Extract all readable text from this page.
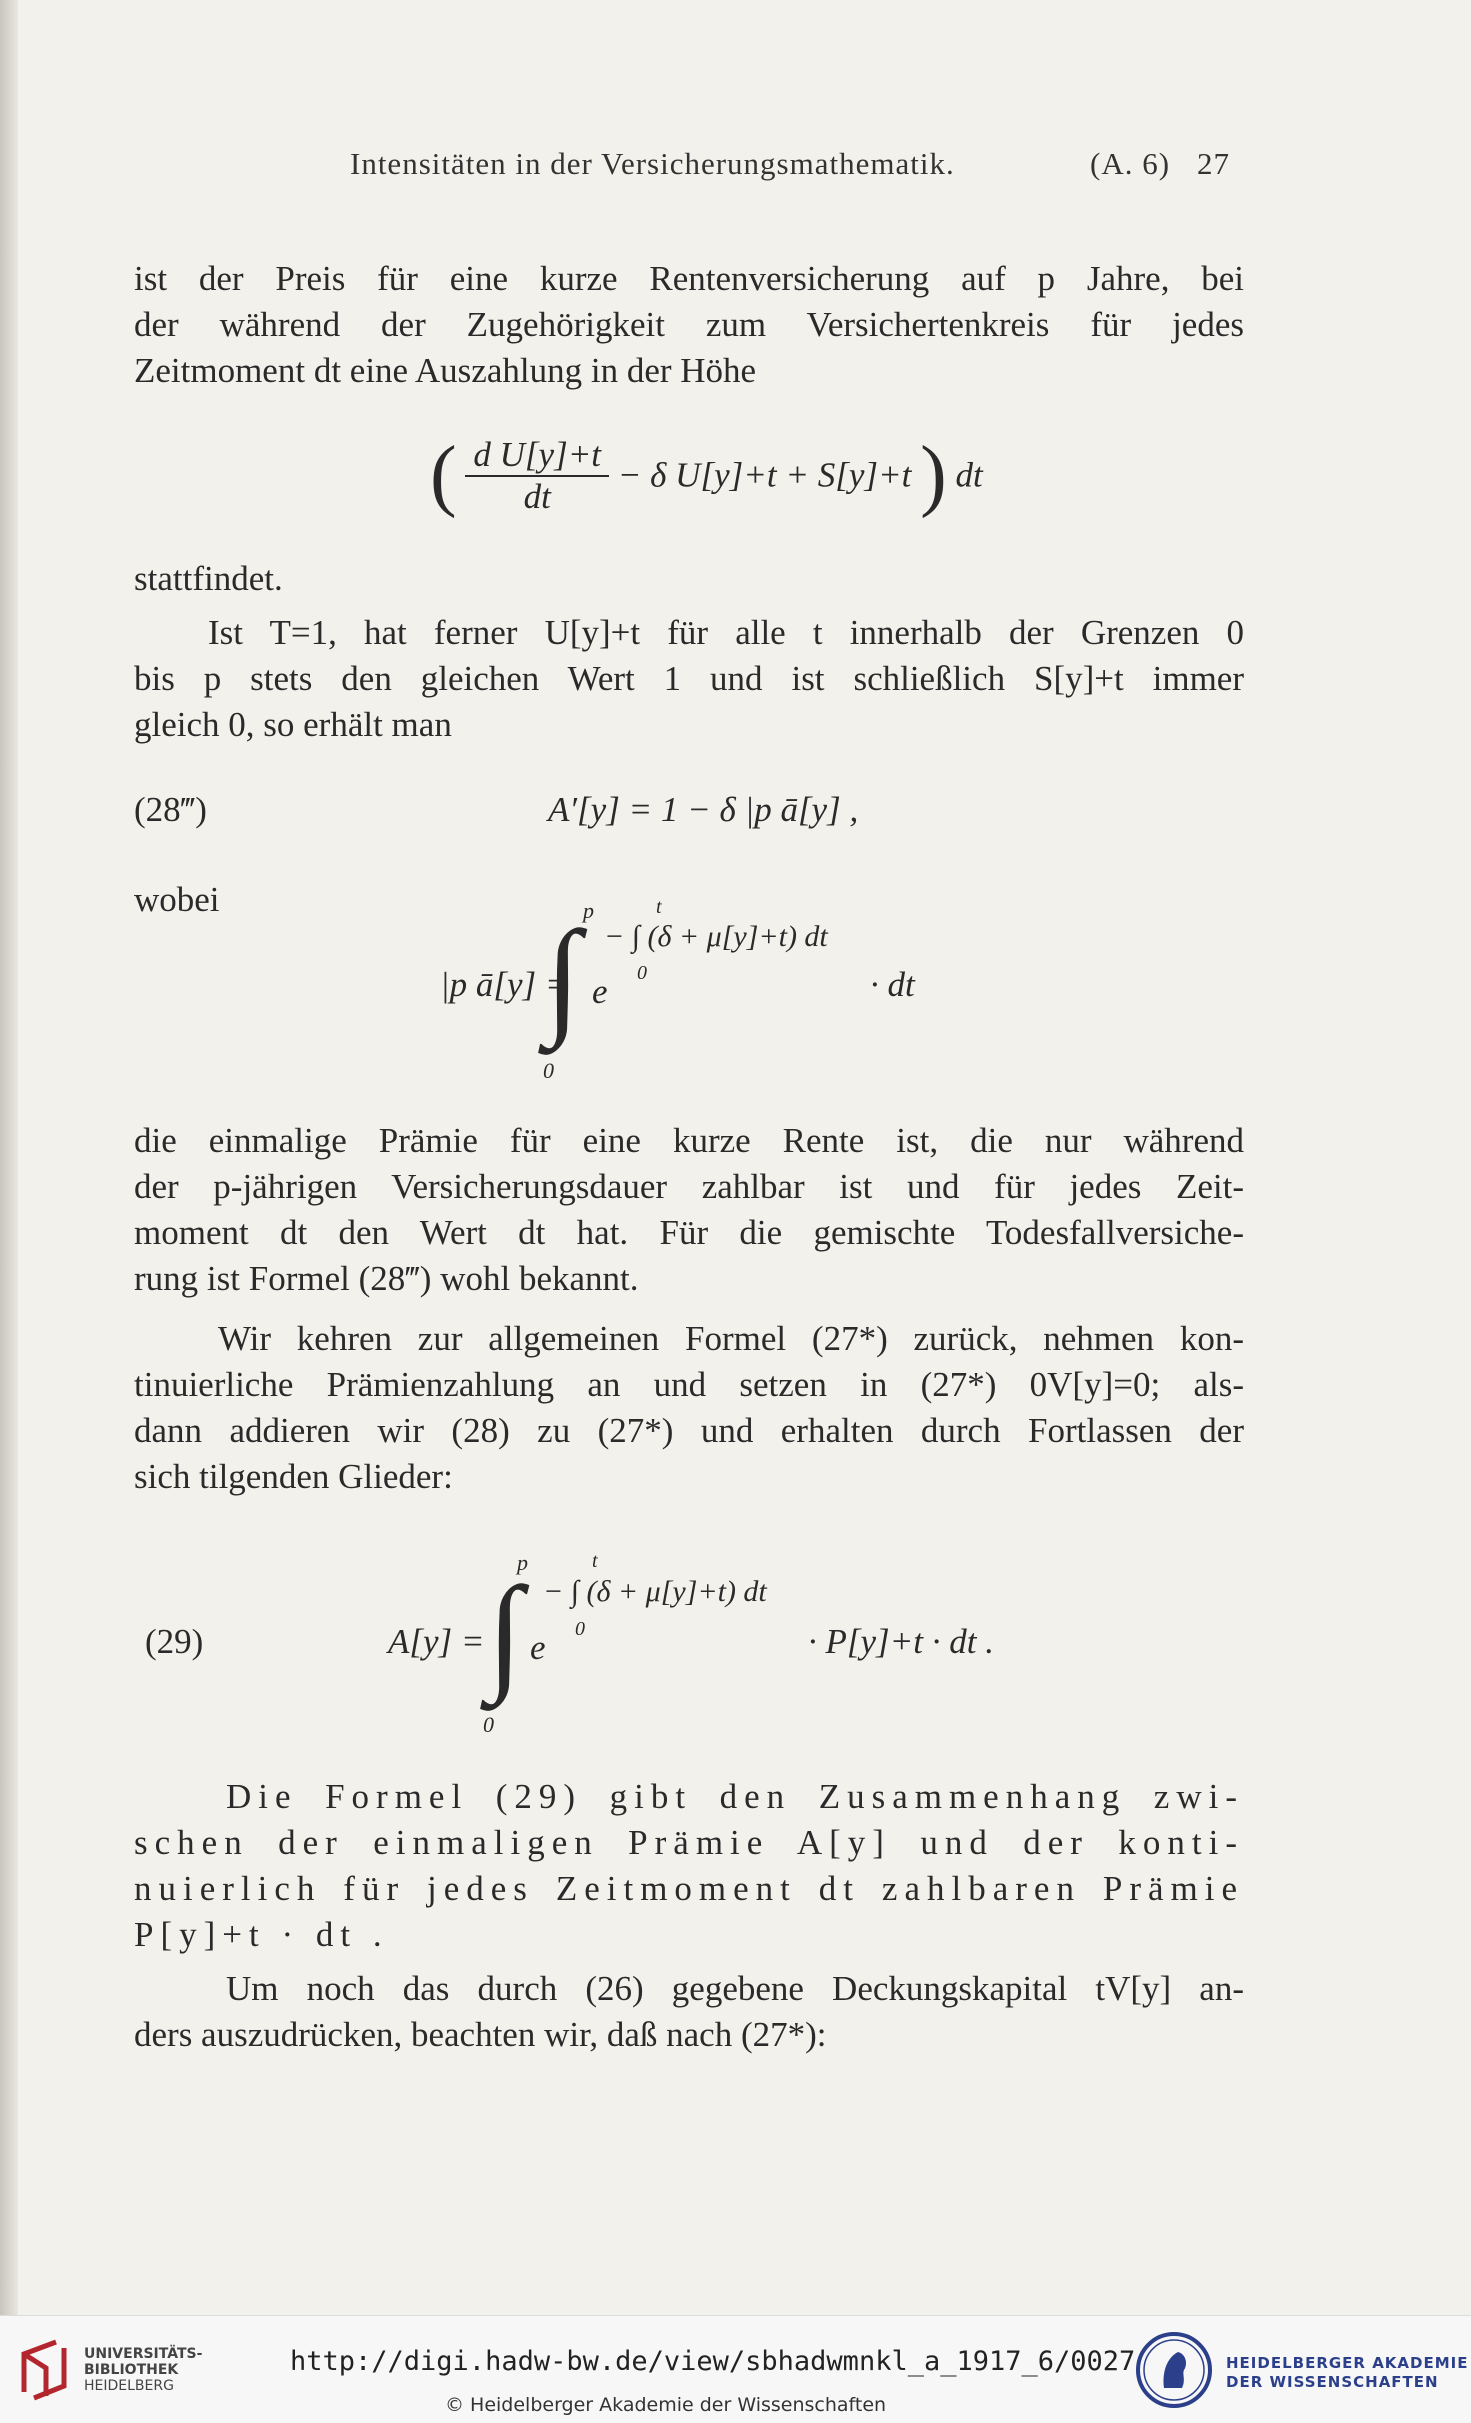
Intensitäten in der Versicherungsmathematik.	(A. 6) 27
ist der Preis für eine kurze Rentenversicherung auf p Jahre, bei
der während der Zugehörigkeit zum Versichertenkreis für jedes
Zeitmoment dt eine Auszahlung in der Höhe
( $\frac{\text{d U[y]+t}}{dt} - \delta$ U[y]+t + S[y]+t ) dt
stattfindet.
Ist T=1, hat ferner U[y]+t für alle t innerhalb der Grenzen 0
bis p stets den gleichen Wert 1 und ist schließlich S[y]+t immer
gleich 0, so erhält man
(28‴)	A′[y] = 1 − δ |p ā[y] ,
wobei
|p ā[y] =
∫ p
0
e
t
0
− ∫ (δ + μ[y]+t) dt
· dt
die einmalige Prämie für eine kurze Rente ist, die nur während
der p-jährigen Versicherungsdauer zahlbar ist und für jedes Zeit-
moment dt den Wert dt hat. Für die gemischte Todesfallversiche-
rung ist Formel (28‴) wohl bekannt.
Wir kehren zur allgemeinen Formel (27*) zurück, nehmen kon-
tinuierliche Prämienzahlung an und setzen in (27*) 0V[y]=0; als-
dann addieren wir (28) zu (27*) und erhalten durch Fortlassen der
sich tilgenden Glieder:
(29)	A[y] = ∫
p
0
e
t
0
− ∫ (δ + μ[y]+t) dt
· P[y]+t · dt .
Die Formel (29) gibt den Zusammenhang zwi-
schen der einmaligen Prämie A[y] und der konti-
nuierlich für jedes Zeitmoment dt zahlbaren Prämie
P[y]+t · dt .
Um noch das durch (26) gegebene Deckungskapital tV[y] an-
ders auszudrücken, beachten wir, daß nach (27*):
UNIVERSITÄTS-
BIBLIOTHEK
HEIDELBERG
http://digi.hadw-bw.de/view/sbhadwmnkl_a_1917_6/0027
© Heidelberger Akademie der Wissenschaften
HEIDELBERGER AKADEMIE
DER WISSENSCHAFTEN
